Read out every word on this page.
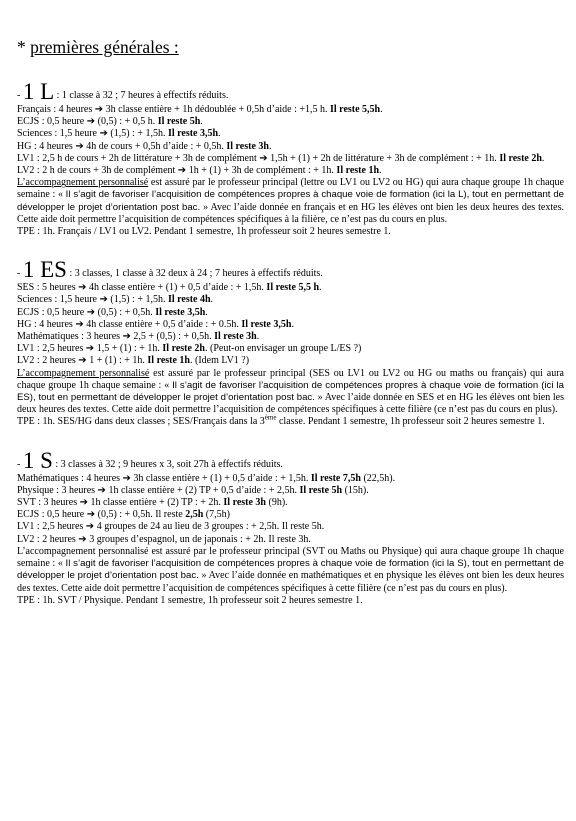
* premières générales :
- 1 L : 1 classe à 32 ; 7 heures à effectifs réduits.
Français : 4 heures ➔ 3h classe entière + 1h dédoublée + 0,5h d’aide : +1,5 h. Il reste 5,5h.
ECJS : 0,5 heure ➔ (0,5) : + 0,5 h. Il reste 5h.
Sciences : 1,5 heure ➔ (1,5) : + 1,5h. Il reste 3,5h.
HG : 4 heures ➔ 4h de cours + 0,5h d’aide : + 0,5h. Il reste 3h.
LV1 : 2,5 h de cours + 2h de littérature + 3h de complément ➔ 1,5h + (1) + 2h de littérature + 3h de complément : + 1h. Il reste 2h.
LV2 : 2 h de cours + 3h de complément ➔ 1h + (1) + 3h de complément : + 1h. Il reste 1h.
L’accompagnement personnalisé est assuré par le professeur principal (lettre ou LV1 ou LV2 ou HG) qui aura chaque groupe 1h chaque semaine : « Il s’agit de favoriser l’acquisition de compétences propres à chaque voie de formation (ici la L), tout en permettant de développer le projet d’orientation post bac. » Avec l’aide donnée en français et en HG les élèves ont bien les deux heures des textes. Cette aide doit permettre l’acquisition de compétences spécifiques à la filière, ce n’est pas du cours en plus.
TPE : 1h. Français / LV1 ou LV2. Pendant 1 semestre, 1h professeur soit 2 heures semestre 1.
- 1 ES : 3 classes, 1 classe à 32 deux à 24 ; 7 heures à effectifs réduits.
SES : 5 heures ➔ 4h classe entière + (1) + 0,5 d’aide : + 1,5h. Il reste 5,5 h.
Sciences : 1,5 heure ➔ (1,5) : + 1,5h. Il reste 4h.
ECJS : 0,5 heure ➔ (0,5) : + 0,5h. Il reste 3,5h.
HG : 4 heures ➔ 4h classe entière + 0,5 d’aide : + 0.5h. Il reste 3,5h.
Mathématiques : 3 heures ➔ 2,5 + (0,5) : + 0,5h. Il reste 3h.
LV1 : 2,5 heures ➔ 1,5 + (1) : + 1h. Il reste 2h. (Peut-on envisager un groupe L/ES ?)
LV2 : 2 heures ➔ 1 + (1) : + 1h. Il reste 1h. (Idem LV1 ?)
L’accompagnement personnalisé est assuré par le professeur principal (SES ou LV1 ou LV2 ou HG ou maths ou français) qui aura chaque groupe 1h chaque semaine : « Il s’agit de favoriser l’acquisition de compétences propres à chaque voie de formation (ici la ES), tout en permettant de développer le projet d’orientation post bac. » Avec l’aide donnée en SES et en HG les élèves ont bien les deux heures des textes. Cette aide doit permettre l’acquisition de compétences spécifiques à cette filière (ce n’est pas du cours en plus).
TPE : 1h. SES/HG dans deux classes ; SES/Français dans la 3ème classe. Pendant 1 semestre, 1h professeur soit 2 heures semestre 1.
- 1 S : 3 classes à 32 ; 9 heures x 3, soit 27h à effectifs réduits.
Mathématiques : 4 heures ➔ 3h classe entière + (1) + 0,5 d’aide : + 1,5h. Il reste 7,5h (22,5h).
Physique : 3 heures ➔ 1h classe entière + (2) TP + 0,5 d’aide : + 2,5h. Il reste 5h (15h).
SVT : 3 heures ➔ 1h classe entière + (2) TP : + 2h. Il reste 3h (9h).
ECJS : 0,5 heure ➔ (0,5) : + 0,5h. Il reste 2,5h (7,5h)
LV1 : 2,5 heures ➔ 4 groupes de 24 au lieu de 3 groupes : + 2,5h. Il reste 5h.
LV2 : 2 heures ➔ 3 groupes d’espagnol, un de japonais : + 2h. Il reste 3h.
L’accompagnement personnalisé est assuré par le professeur principal (SVT ou Maths ou Physique) qui aura chaque groupe 1h chaque semaine : « Il s’agit de favoriser l’acquisition de compétences propres à chaque voie de formation (ici la S), tout en permettant de développer le projet d’orientation post bac. » Avec l’aide donnée en mathématiques et en physique les élèves ont bien les deux heures des textes. Cette aide doit permettre l’acquisition de compétences spécifiques à cette filière (ce n’est pas du cours en plus).
TPE : 1h. SVT / Physique. Pendant 1 semestre, 1h professeur soit 2 heures semestre 1.
